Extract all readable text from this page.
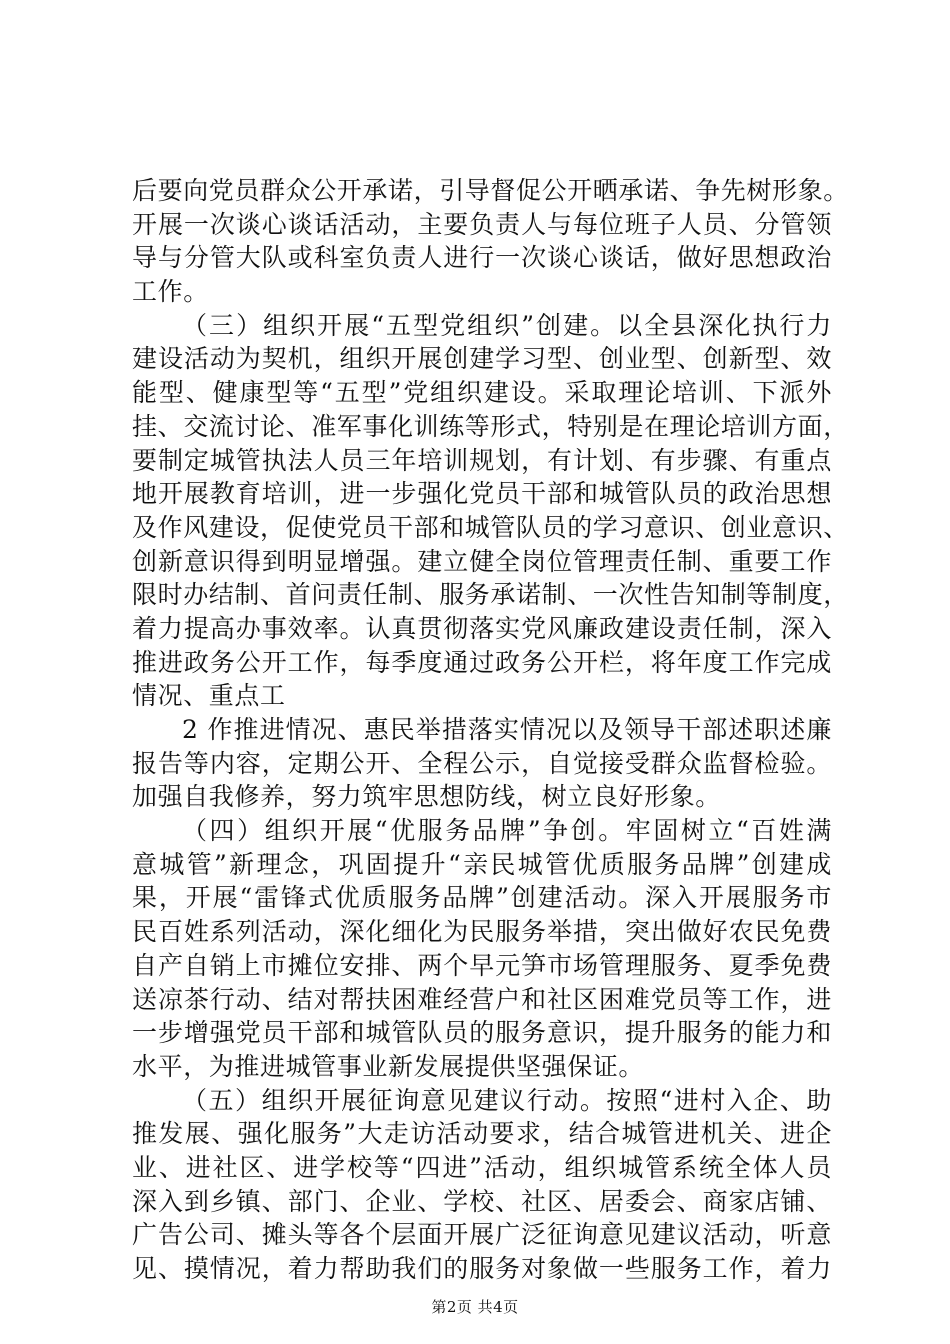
后要向党员群众公开承诺，引导督促公开晒承诺、争先树形象。
开展一次谈心谈话活动，主要负责人与每位班子人员、分管领
导与分管大队或科室负责人进行一次谈心谈话，做好思想政治
工作。
（三）组织开展“五型党组织”创建。以全县深化执行力
建设活动为契机，组织开展创建学习型、创业型、创新型、效
能型、健康型等“五型”党组织建设。采取理论培训、下派外
挂、交流讨论、准军事化训练等形式，特别是在理论培训方面，
要制定城管执法人员三年培训规划，有计划、有步骤、有重点
地开展教育培训，进一步强化党员干部和城管队员的政治思想
及作风建设，促使党员干部和城管队员的学习意识、创业意识、
创新意识得到明显增强。建立健全岗位管理责任制、重要工作
限时办结制、首问责任制、服务承诺制、一次性告知制等制度，
着力提高办事效率。认真贯彻落实党风廉政建设责任制，深入
推进政务公开工作，每季度通过政务公开栏，将年度工作完成
情况、重点工
2 作推进情况、惠民举措落实情况以及领导干部述职述廉
报告等内容，定期公开、全程公示，自觉接受群众监督检验。
加强自我修养，努力筑牢思想防线，树立良好形象。
（四）组织开展“优服务品牌”争创。牢固树立“百姓满
意城管”新理念，巩固提升“亲民城管优质服务品牌”创建成
果，开展“雷锋式优质服务品牌”创建活动。深入开展服务市
民百姓系列活动，深化细化为民服务举措，突出做好农民免费
自产自销上市摊位安排、两个早元笋市场管理服务、夏季免费
送凉茶行动、结对帮扶困难经营户和社区困难党员等工作，进
一步增强党员干部和城管队员的服务意识，提升服务的能力和
水平，为推进城管事业新发展提供坚强保证。
（五）组织开展征询意见建议行动。按照“进村入企、助
推发展、强化服务”大走访活动要求，结合城管进机关、进企
业、进社区、进学校等“四进”活动，组织城管系统全体人员
深入到乡镇、部门、企业、学校、社区、居委会、商家店铺、
广告公司、摊头等各个层面开展广泛征询意见建议活动，听意
见、摸情况，着力帮助我们的服务对象做一些服务工作，着力
第2页 共4页
